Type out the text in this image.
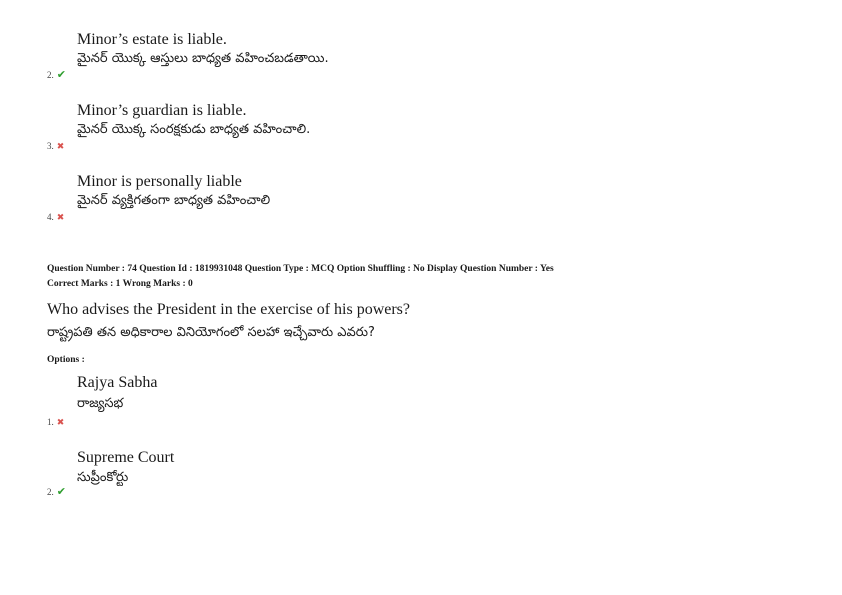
Minor’s estate is liable.
మైనర్ యొక్క ఆస్తులు బాధ్యత వహించబడతాయి.
2. ✔
Minor’s guardian is liable.
మైనర్ యొక్క సంరక్షకుడు బాధ్యత వహించాలి.
3. ✖
Minor is personally liable
మైనర్ వ్యక్తిగతంగా బాధ్యత వహించాలి
4. ✖
Question Number : 74 Question Id : 1819931048 Question Type : MCQ Option Shuffling : No Display Question Number : Yes
Correct Marks : 1 Wrong Marks : 0
Who advises the President in the exercise of his powers?
రాష్ట్రపతి తన అధికారాల వినియోగంలో సలహా ఇచ్చేవారు ఎవరు?
Options :
Rajya Sabha
రాజ్యసభ
1. ✖
Supreme Court
సుప్రీంకోర్టు
2. ✔
